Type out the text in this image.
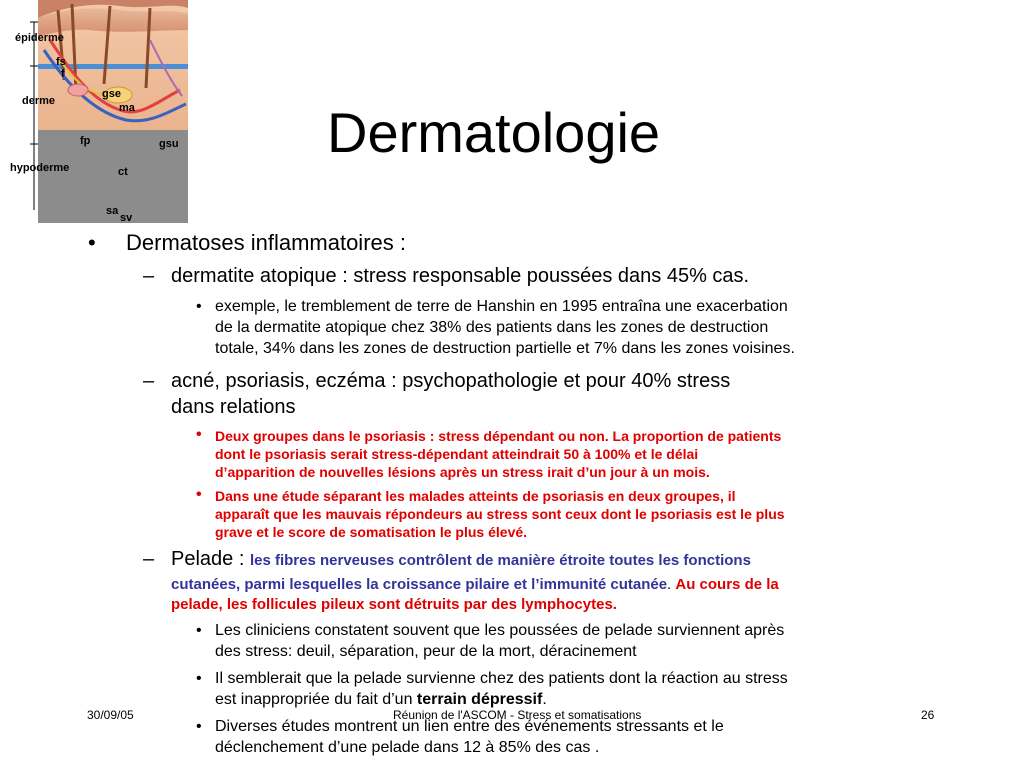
épiderme
fs
f
derme
gse
ma
fp	gsu
hypoderme	ct
sa
sv
Dermatologie
• Dermatoses inflammatoires :
– dermatite atopique : stress responsable poussées dans 45% cas.
• exemple, le tremblement de terre de Hanshin en 1995 entraîna une exacerbation
de la dermatite atopique chez 38% des patients dans les zones de destruction
totale, 34% dans les zones de destruction partielle et 7% dans les zones voisines.
– acné, psoriasis, eczéma : psychopathologie et pour 40% stress
dans relations
• Deux groupes dans le psoriasis : stress dépendant ou non. La proportion de patients
dont le psoriasis serait stress-dépendant atteindrait 50 à 100% et le délai
d’apparition de nouvelles lésions après un stress irait d’un jour à un mois.
• Dans une étude séparant les malades atteints de psoriasis en deux groupes, il
apparaît que les mauvais répondeurs au stress sont ceux dont le psoriasis est le plus
grave et le score de somatisation le plus élevé.
– Pelade : les fibres nerveuses contrôlent de manière étroite toutes les fonctions
cutanées, parmi lesquelles la croissance pilaire et l’immunité cutanée. Au cours de la
pelade, les follicules pileux sont détruits par des lymphocytes.
• Les cliniciens constatent souvent que les poussées de pelade surviennent après
des stress: deuil, séparation, peur de la mort, déracinement
• Il semblerait que la pelade survienne chez des patients dont la réaction au stress
est inappropriée du fait d’un terrain dépressif.
• Diverses études montrent un lien entre des événements stressants et le
déclenchement d’une pelade dans 12 à 85% des cas .
30/09/05	Réunion de l'ASCOM - Stress et somatisations	26
